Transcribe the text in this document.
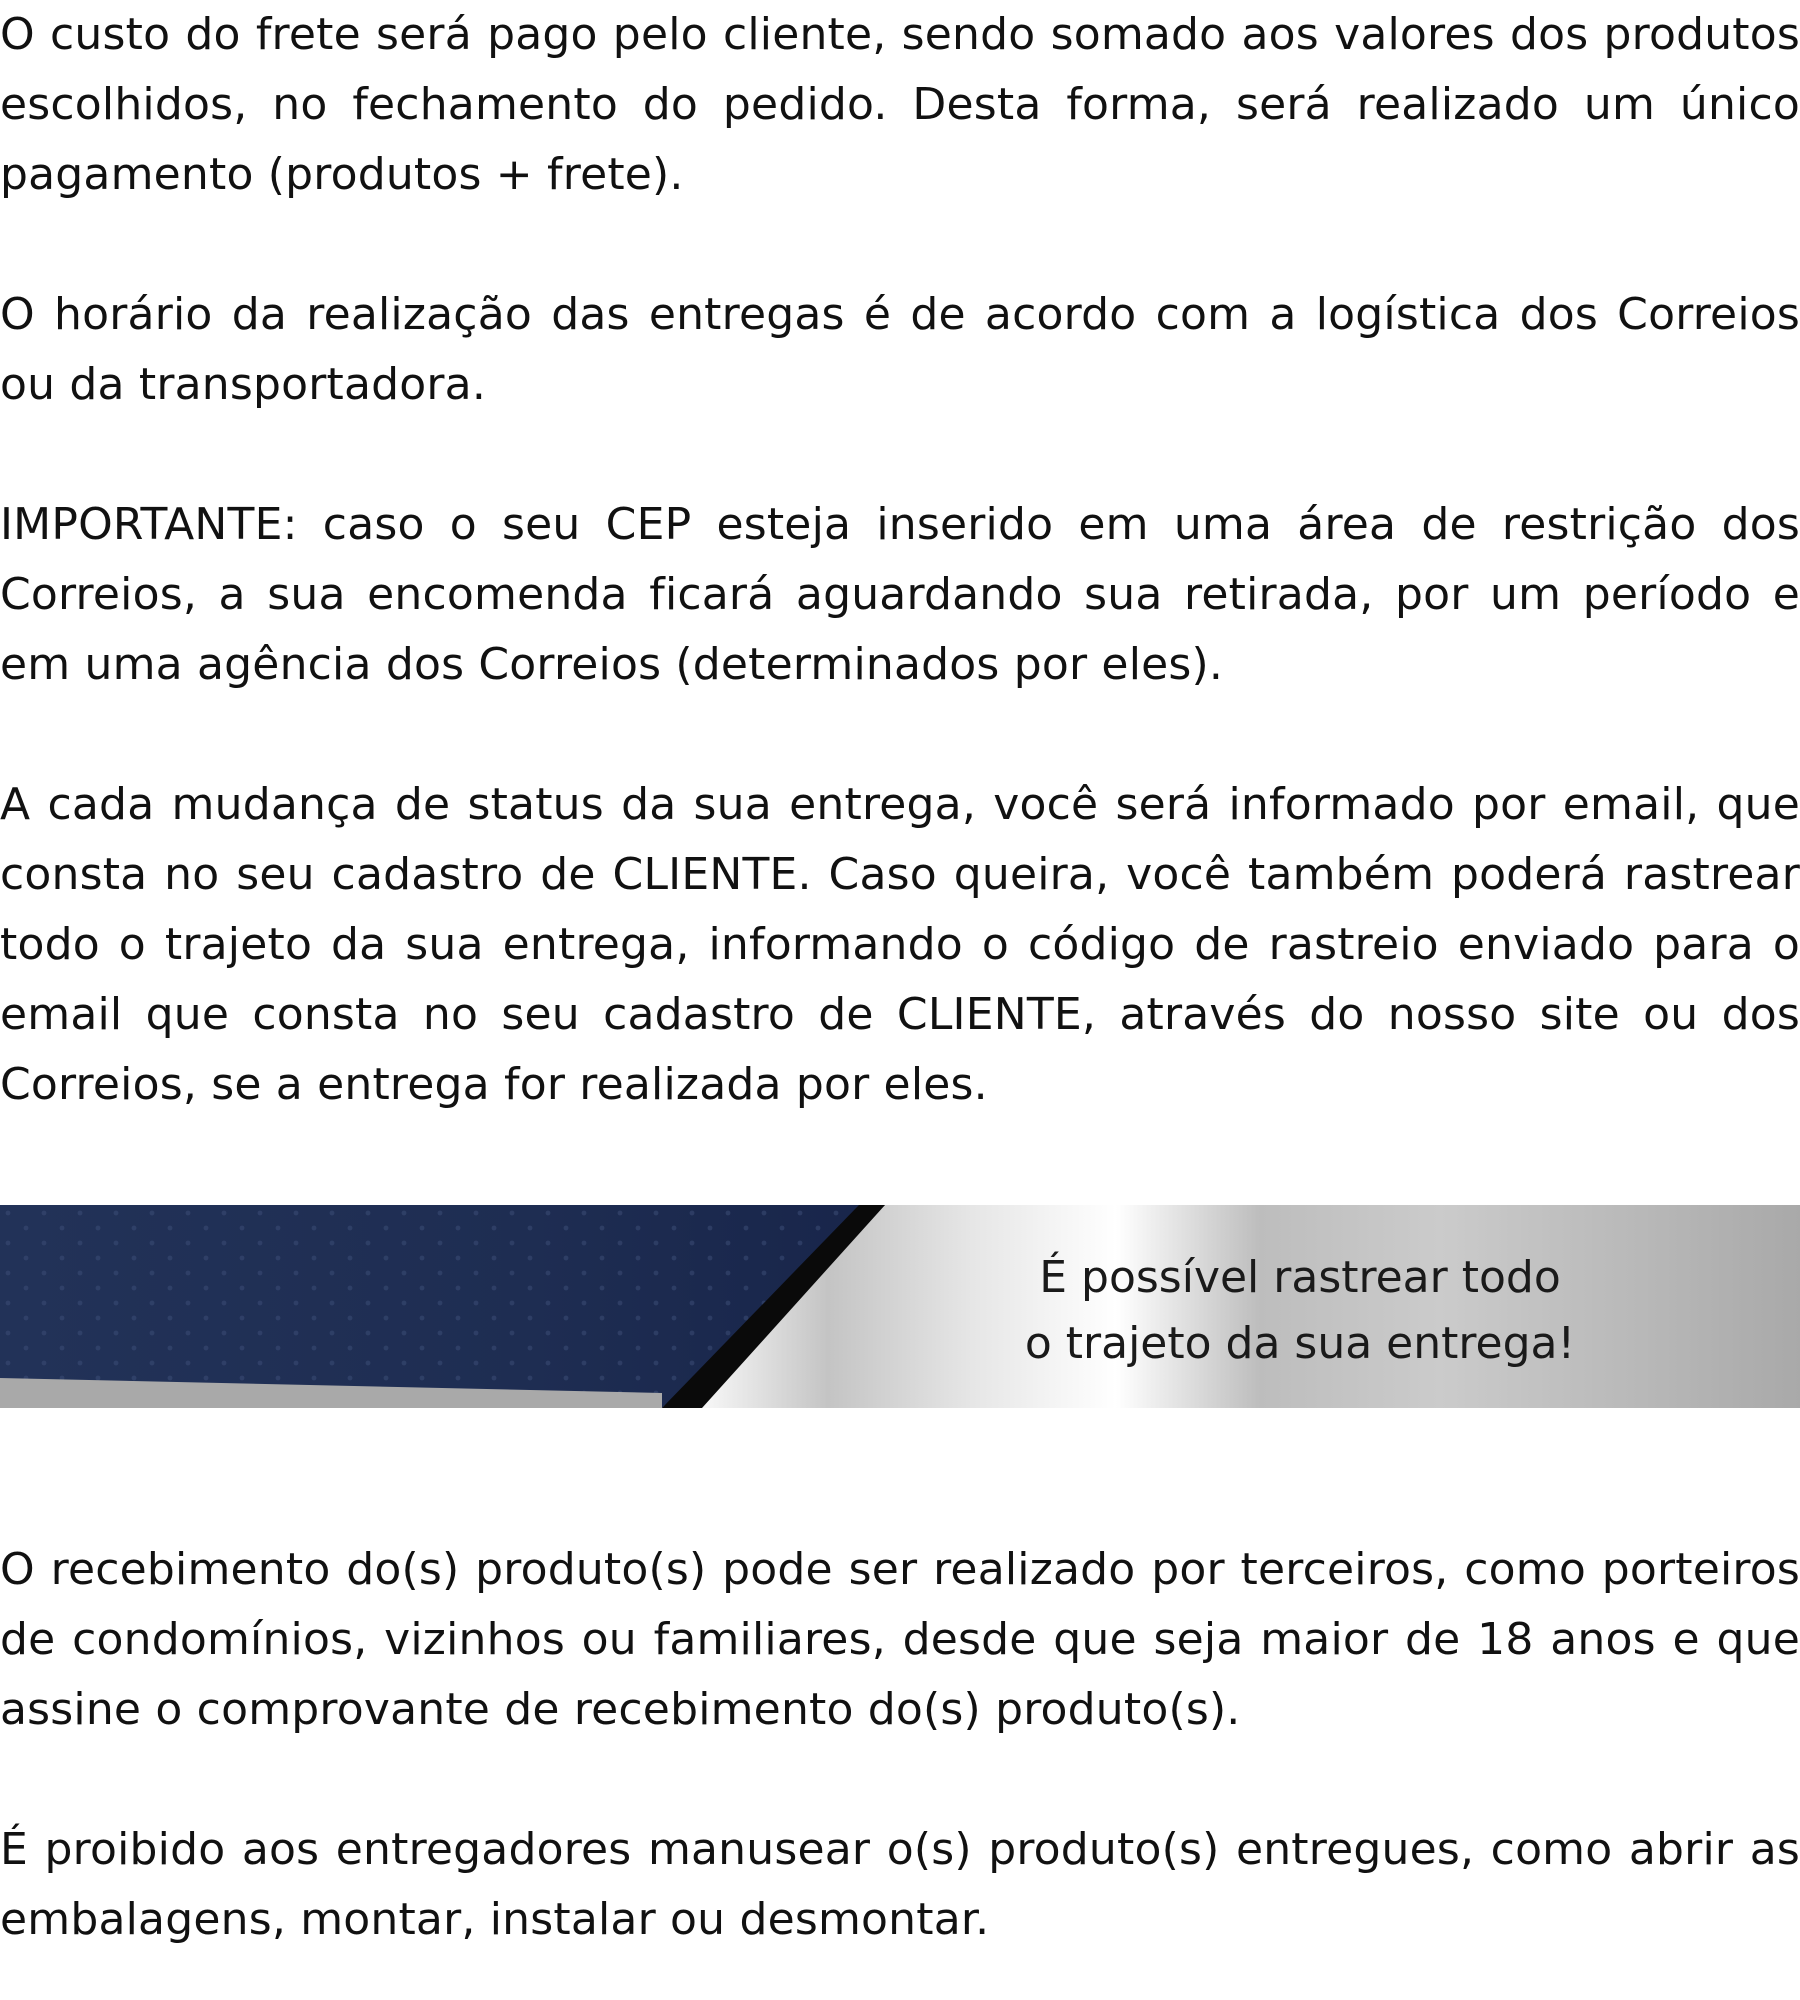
O custo do frete será pago pelo cliente, sendo somado aos valores dos produtos escolhidos, no fechamento do pedido. Desta forma, será realizado um único pagamento (produtos + frete).

O horário da realização das entregas é de acordo com a logística dos Correios ou da transportadora.

IMPORTANTE: caso o seu CEP esteja inserido em uma área de restrição dos Correios, a sua encomenda ficará aguardando sua retirada, por um período e em uma agência dos Correios (determinados por eles).

A cada mudança de status da sua entrega, você será informado por email, que consta no seu cadastro de CLIENTE. Caso queira, você também poderá rastrear todo o trajeto da sua entrega, informando o código de rastreio enviado para o email que consta no seu cadastro de CLIENTE, através do nosso site ou dos Correios, se a entrega for realizada por eles.

É possível rastrear todo
o trajeto da sua entrega!

O recebimento do(s) produto(s) pode ser realizado por terceiros, como porteiros de condomínios, vizinhos ou familiares, desde que seja maior de 18 anos e que assine o comprovante de recebimento do(s) produto(s).

É proibido aos entregadores manusear o(s) produto(s) entregues, como abrir as embalagens, montar, instalar ou desmontar.
